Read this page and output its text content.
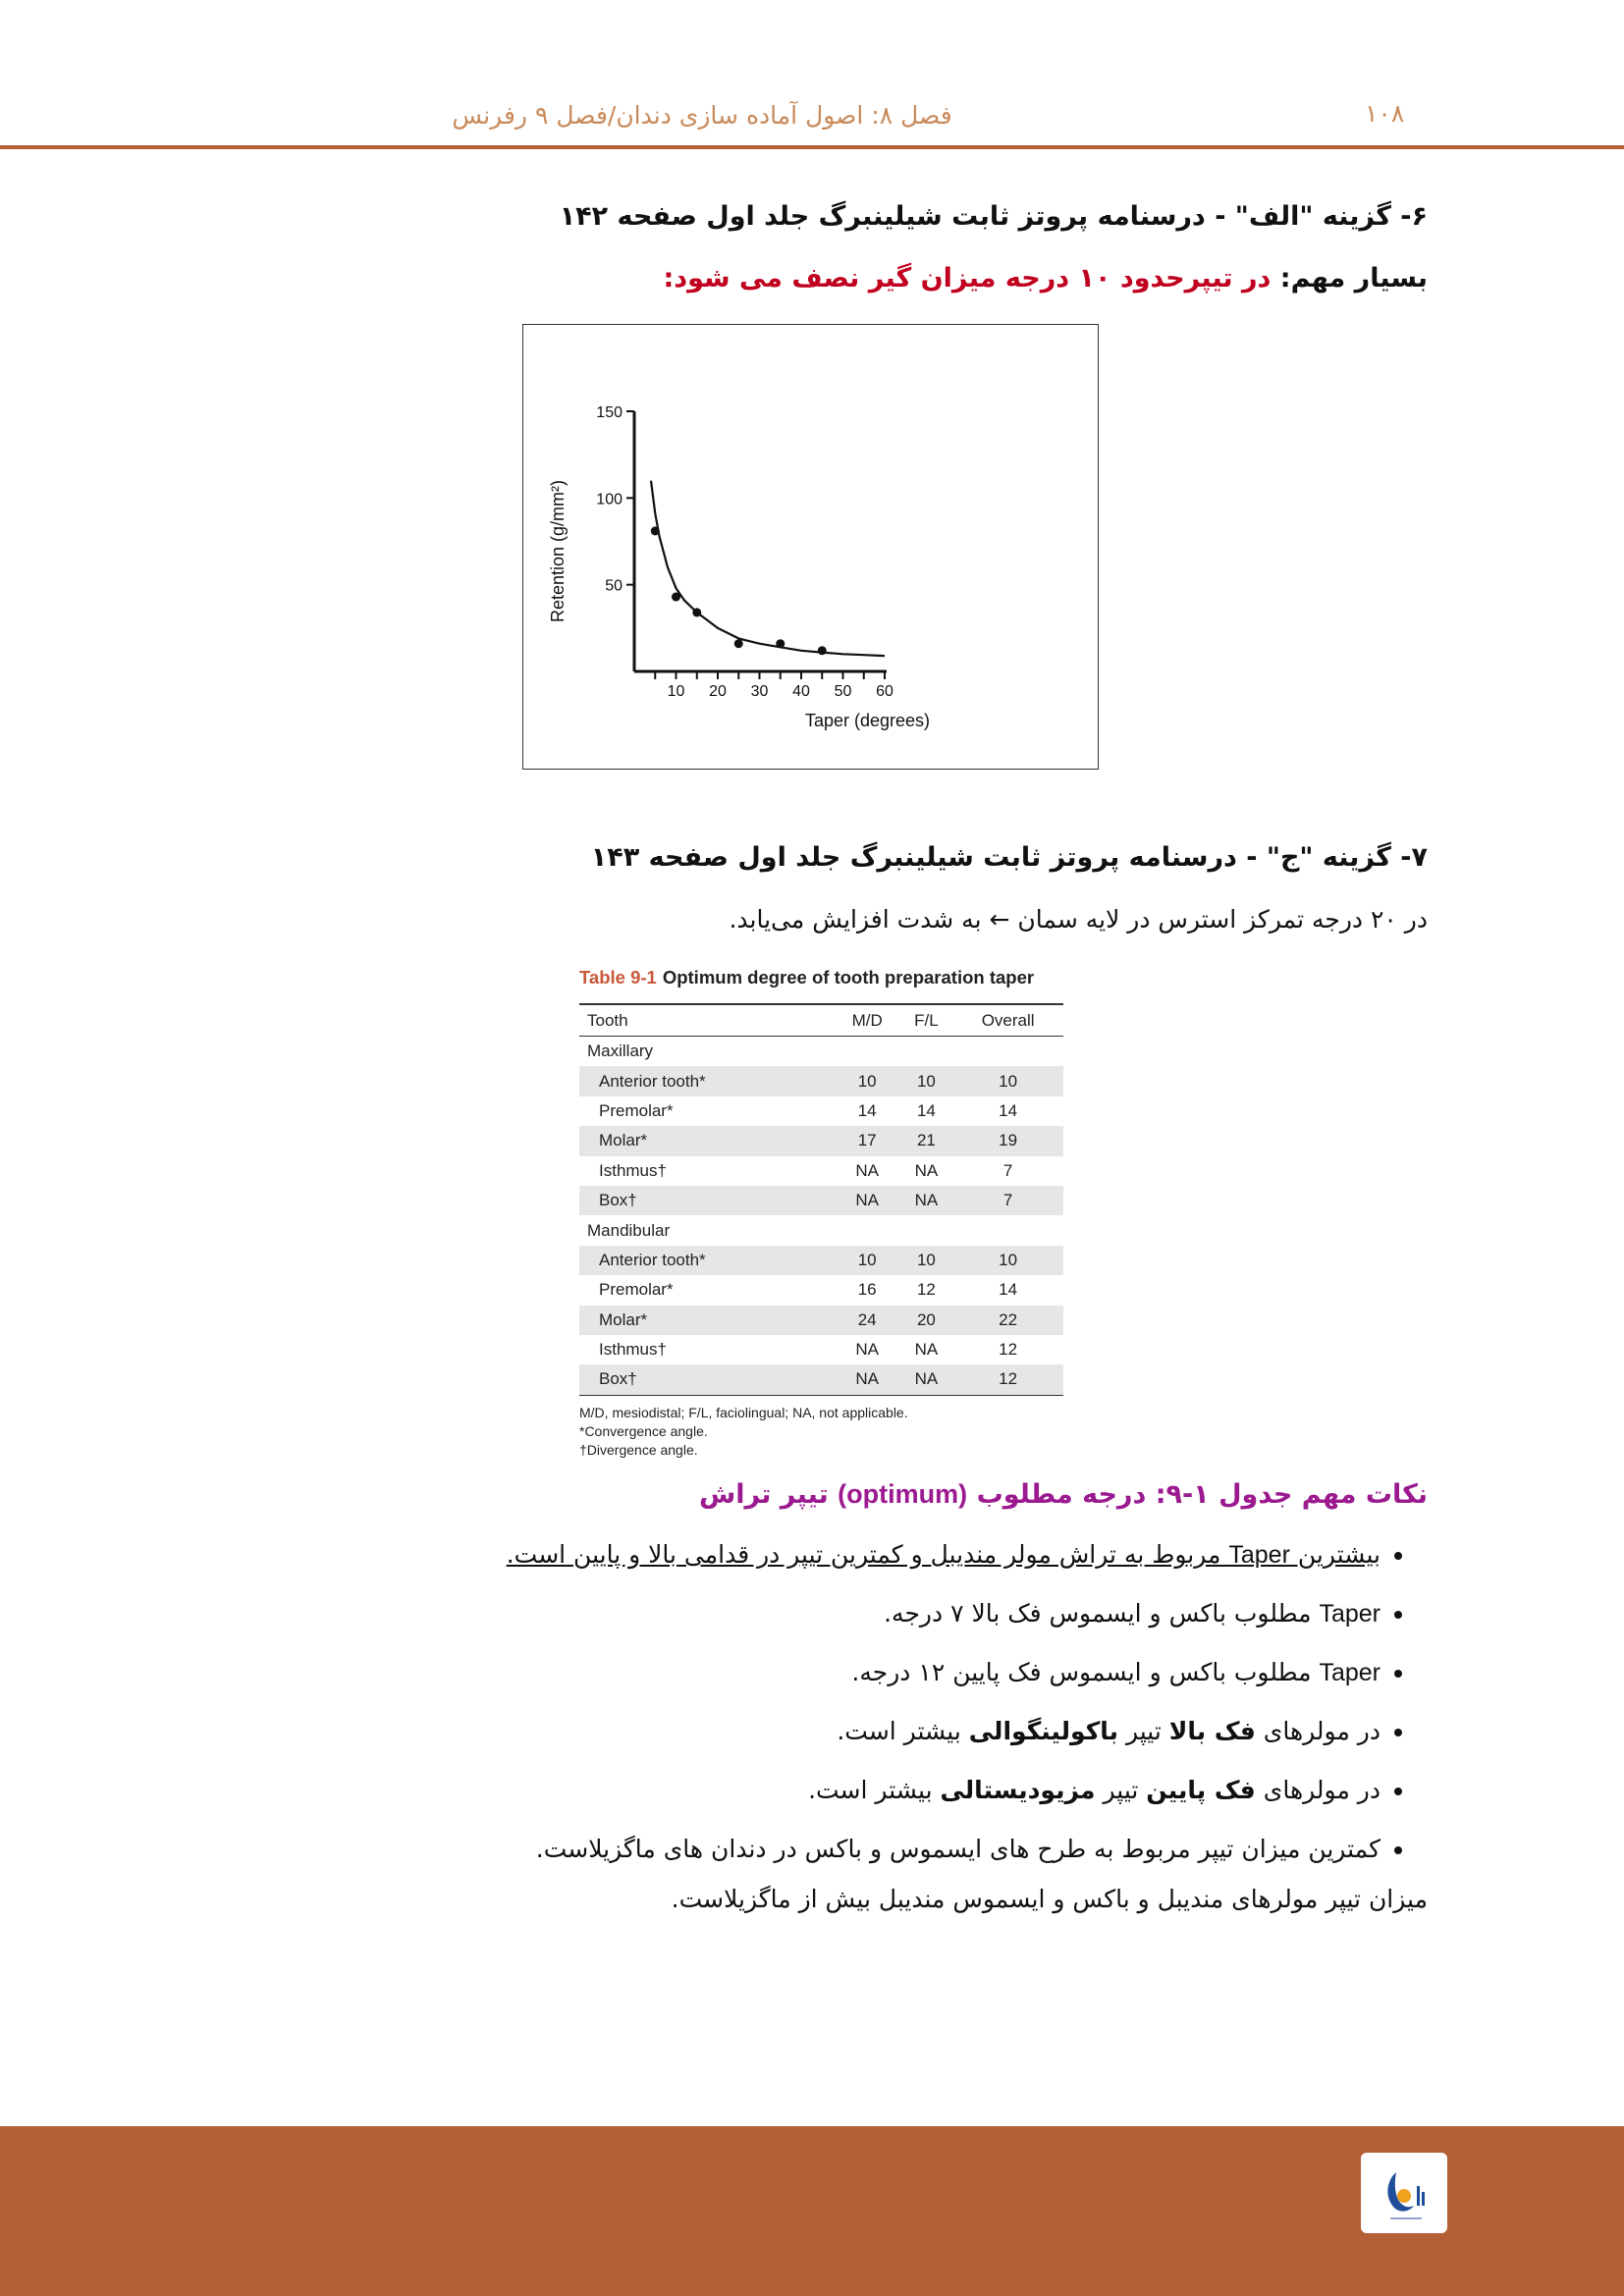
فصل ۸: اصول آماده سازی دندان/فصل ۹ رفرنس	۱۰۸
۶- گزینه "الف" - درسنامه پروتز ثابت شیلینبرگ جلد اول صفحه ۱۴۲
بسیار مهم: در تیپرحدود ۱۰ درجه میزان گیر نصف می شود:
10 20 30 40 50 60
50
100
150
Taper (degrees)
Retention (g/mm²)
۷- گزینه "ج" - درسنامه پروتز ثابت شیلینبرگ جلد اول صفحه ۱۴۳
در ۲۰ درجه تمرکز استرس در لایه سمان ← به شدت افزایش می‌یابد.
Table 9-1 Optimum degree of tooth preparation taper
Tooth	M/D	F/L	Overall
Maxillary			
Anterior tooth*	10	10	10
Premolar*	14	14	14
Molar*	17	21	19
Isthmus†	NA	NA	7
Box†	NA	NA	7
Mandibular			
Anterior tooth*	10	10	10
Premolar*	16	12	14
Molar*	24	20	22
Isthmus†	NA	NA	12
Box†	NA	NA	12
M/D, mesiodistal; F/L, faciolingual; NA, not applicable.
*Convergence angle.
†Divergence angle.
نکات مهم جدول ۱-۹: درجه مطلوب (optimum) تیپر تراش
• بیشترین Taper مربوط به تراش مولر مندیبل و کمترین تیپر در قدامی بالا و پایین است.
• Taper مطلوب باکس و ایسموس فک بالا ۷ درجه.
• Taper مطلوب باکس و ایسموس فک پایین ۱۲ درجه.
• در مولرهای فک بالا تیپر باکولینگوالی بیشتر است.
• در مولرهای فک پایین تیپر مزیودیستالی بیشتر است.
• کمترین میزان تیپر مربوط به طرح های ایسموس و باکس در دندان های ماگزیلاست.
میزان تیپر مولرهای مندیبل و باکس و ایسموس مندیبل بیش از ماگزیلاست.
